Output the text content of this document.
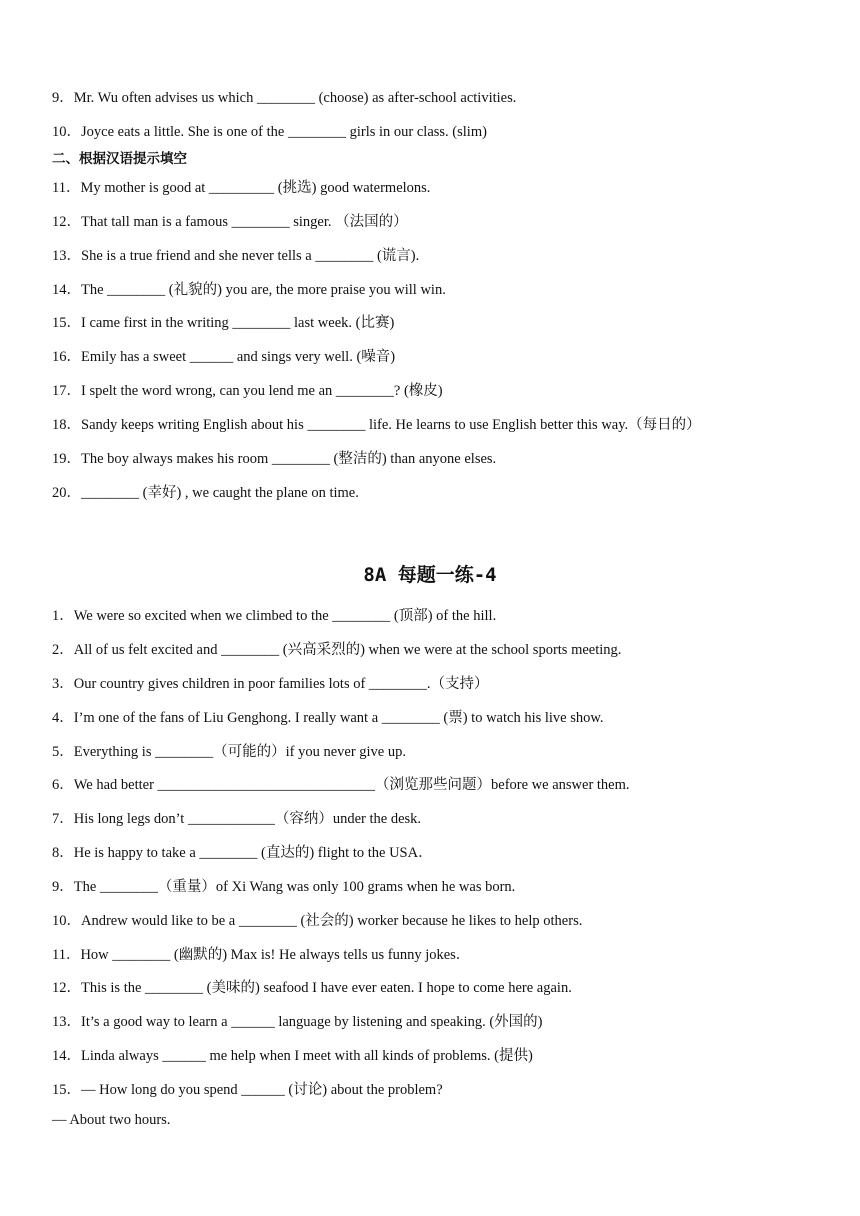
9．Mr. Wu often advises us which ________ (choose) as after-school activities.
10．Joyce eats a little. She is one of the ________ girls in our class. (slim)
二、根据汉语提示填空
11．My mother is good at _________ (挑选) good watermelons.
12．That tall man is a famous ________ singer. （法国的）
13．She is a true friend and she never tells a ________ (谎言).
14．The ________ (礼貌的) you are, the more praise you will win.
15．I came first in the writing ________ last week. (比赛)
16．Emily has a sweet ______ and sings very well. (噪音)
17．I spelt the word wrong, can you lend me an ________? (橡皮)
18．Sandy keeps writing English about his ________ life. He learns to use English better this way.（每日的）
19．The boy always makes his room ________ (整洁的) than anyone elses.
20．________ (幸好) , we caught the plane on time.
8A 每题一练-4
1．We were so excited when we climbed to the ________ (顶部) of the hill.
2．All of us felt excited and ________ (兴高采烈的) when we were at the school sports meeting.
3．Our country gives children in poor families lots of ________.（支持）
4．I’m one of the fans of Liu Genghong. I really want a ________ (票) to watch his live show.
5．Everything is ________（可能的）if you never give up.
6．We had better ______________________________（浏览那些问题）before we answer them.
7．His long legs don’t ____________（容纳）under the desk.
8．He is happy to take a ________ (直达的) flight to the USA．
9．The ________（重量）of Xi Wang was only 100 grams when he was born.
10．Andrew would like to be a ________ (社会的) worker because he likes to help others.
11．How ________ (幽默的) Max is! He always tells us funny jokes．
12．This is the ________ (美味的) seafood I have ever eaten. I hope to come here again.
13．It’s a good way to learn a ______ language by listening and speaking. (外国的)
14．Linda always ______ me help when I meet with all kinds of problems. (提供)
15．— How long do you spend ______ (讨论) about the problem?
— About two hours.
